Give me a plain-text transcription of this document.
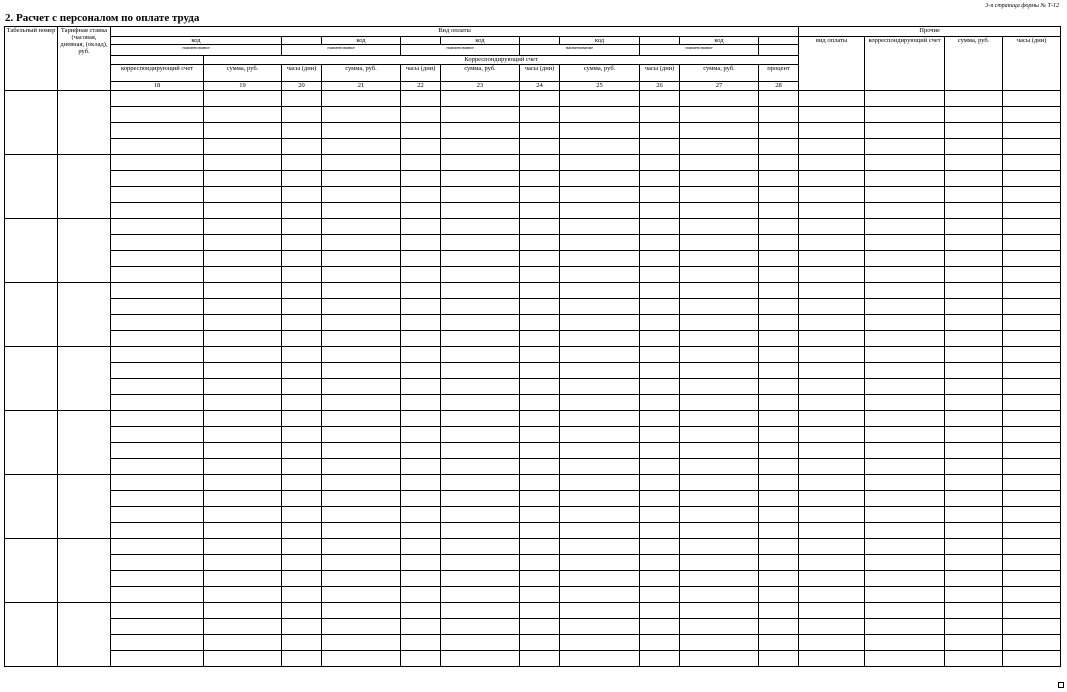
3-я страница формы № Т-12
2. Расчет с персоналом по оплате труда
Табельный номер	Тарифная ставка (часовая, дневная, (оклад), руб.	Вид оплаты											Прочие				
		код			код		код		код		код		вид оплаты	корреспондирующий счет	сумма, руб.	часы (дни)	
		наименование		наименование		наименование		наименование		наименование							
			Корреспондирующий счет														
		корреспондирующий счет	сумма, руб.	часы (дни)	сумма, руб.	часы (дни)	сумма, руб.	часы (дни)	сумма, руб.	часы (дни)	сумма, руб.	процент					
		18	19	20	21	22	23	24	25	26	27	28						
